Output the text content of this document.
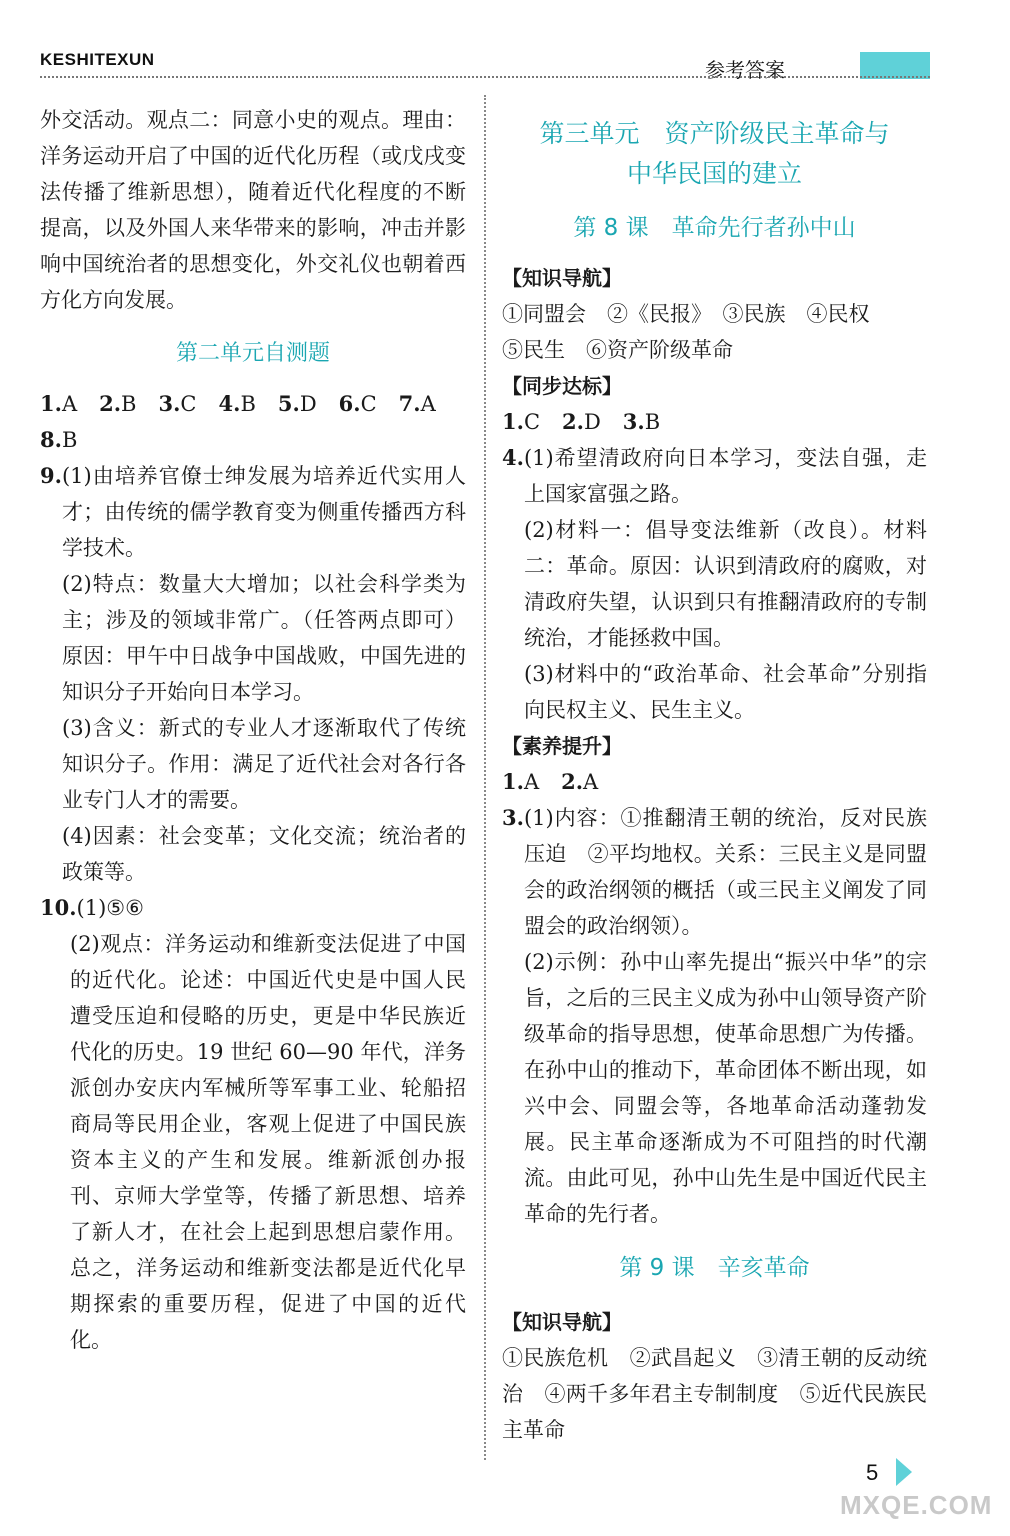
KESHITEXUN	参考答案

外交活动。观点二：同意小史的观点。理由：洋务运动开启了中国的近代化历程（或戊戌变法传播了维新思想），随着近代化程度的不断提高，以及外国人来华带来的影响，冲击并影响中国统治者的思想变化，外交礼仪也朝着西方化方向发展。

第二单元自测题

1.A 2.B 3.C 4.B 5.D 6.C 7.A

8.B

9.(1)由培养官僚士绅发展为培养近代实用人才；由传统的儒学教育变为侧重传播西方科学技术。

(2)特点：数量大大增加；以社会科学类为主；涉及的领域非常广。（任答两点即可）原因：甲午中日战争中国战败，中国先进的知识分子开始向日本学习。

(3)含义：新式的专业人才逐渐取代了传统知识分子。作用：满足了近代社会对各行各业专门人才的需要。

(4)因素：社会变革；文化交流；统治者的政策等。

10.(1)⑤⑥

(2)观点：洋务运动和维新变法促进了中国的近代化。论述：中国近代史是中国人民遭受压迫和侵略的历史，更是中华民族近代化的历史。19 世纪 60—90 年代，洋务派创办安庆内军械所等军事工业、轮船招商局等民用企业，客观上促进了中国民族资本主义的产生和发展。维新派创办报刊、京师大学堂等，传播了新思想、培养了新人才，在社会上起到思想启蒙作用。总之，洋务运动和维新变法都是近代化早期探索的重要历程，促进了中国的近代化。

第三单元　资产阶级民主革命与
中华民国的建立
第 8 课　革命先行者孙中山

【知识导航】

①同盟会　②《民报》　③民族　④民权

⑤民生　⑥资产阶级革命

【同步达标】

1.C 2.D 3.B

4.(1)希望清政府向日本学习，变法自强，走上国家富强之路。

(2)材料一：倡导变法维新（改良）。材料二：革命。原因：认识到清政府的腐败，对清政府失望，认识到只有推翻清政府的专制统治，才能拯救中国。

(3)材料中的“政治革命、社会革命”分别指向民权主义、民生主义。

【素养提升】

1.A 2.A

3.(1)内容：①推翻清王朝的统治，反对民族压迫　②平均地权。关系：三民主义是同盟会的政治纲领的概括（或三民主义阐发了同盟会的政治纲领）。

(2)示例：孙中山率先提出“振兴中华”的宗旨，之后的三民主义成为孙中山领导资产阶级革命的指导思想，使革命思想广为传播。在孙中山的推动下，革命团体不断出现，如兴中会、同盟会等，各地革命活动蓬勃发展。民主革命逐渐成为不可阻挡的时代潮流。由此可见，孙中山先生是中国近代民主革命的先行者。

第 9 课　辛亥革命

【知识导航】

①民族危机　②武昌起义　③清王朝的反动统治　④两千多年君主专制制度　⑤近代民族民主革命

5
MXQE.COM
